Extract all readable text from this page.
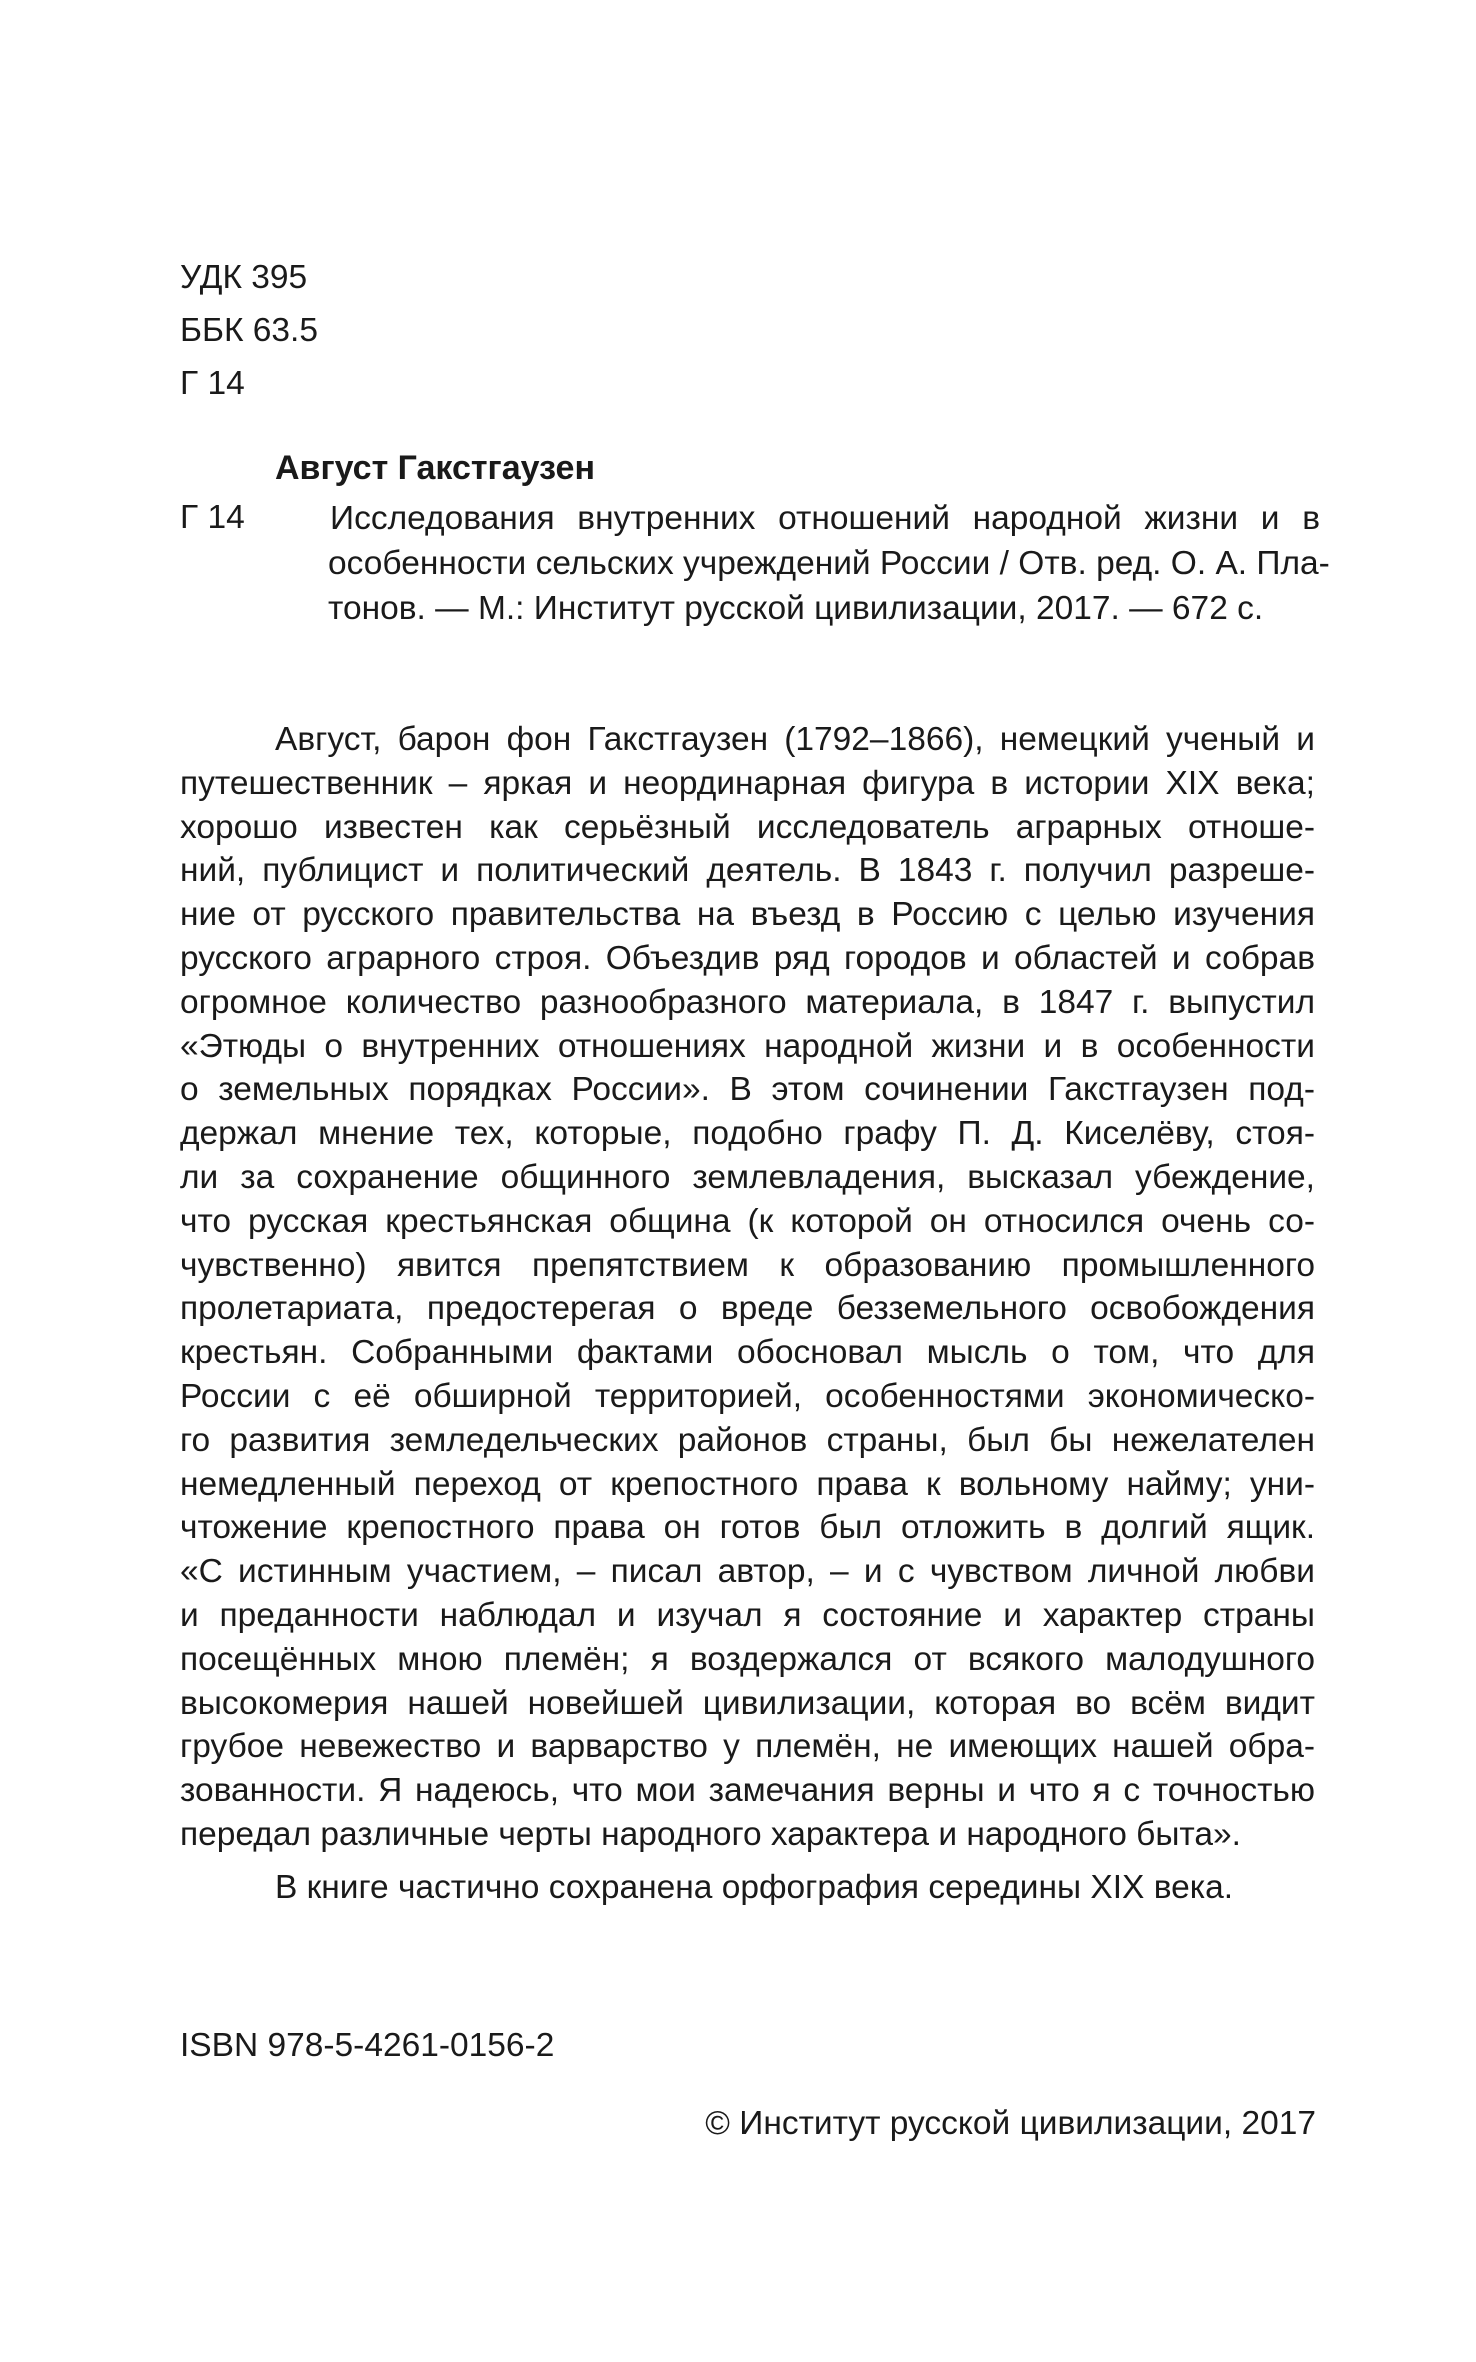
УДК 395
ББК 63.5
Г 14
Август Гакстгаузен
Г 14	Исследования внутренних отношений народной жизни и в
особенности сельских учреждений России / Отв. ред. О. А. Пла-
тонов. — М.: Институт русской цивилизации, 2017. — 672 с.
Август, барон фон Гакстгаузен (1792–1866), немецкий ученый и
путешественник – яркая и неординарная фигура в истории XIX века;
хорошо известен как серьёзный исследователь аграрных отноше-
ний, публицист и политический деятель. В 1843 г. получил разреше-
ние от русского правительства на въезд в Россию с целью изучения
русского аграрного строя. Объездив ряд городов и областей и собрав
огромное количество разнообразного материала, в 1847 г. выпустил
«Этюды о внутренних отношениях народной жизни и в особенности
о земельных порядках России». В этом сочинении Гакстгаузен под-
держал мнение тех, которые, подобно графу П. Д. Киселёву, стоя-
ли за сохранение общинного землевладения, высказал убеждение,
что русская крестьянская община (к которой он относился очень со-
чувственно) явится препятствием к образованию промышленного
пролетариата, предостерегая о вреде безземельного освобождения
крестьян. Собранными фактами обосновал мысль о том, что для
России с её обширной территорией, особенностями экономическо-
го развития земледельческих районов страны, был бы нежелателен
немедленный переход от крепостного права к вольному найму; уни-
чтожение крепостного права он готов был отложить в долгий ящик.
«С истинным участием, – писал автор, – и с чувством личной любви
и преданности наблюдал и изучал я состояние и характер страны
посещённых мною племён; я воздержался от всякого малодушного
высокомерия нашей новейшей цивилизации, которая во всём видит
грубое невежество и варварство у племён, не имеющих нашей обра-
зованности. Я надеюсь, что мои замечания верны и что я с точностью
передал различные черты народного характера и народного быта».
В книге частично сохранена орфография середины XIX века.
ISBN 978-5-4261-0156-2
© Институт русской цивилизации, 2017
